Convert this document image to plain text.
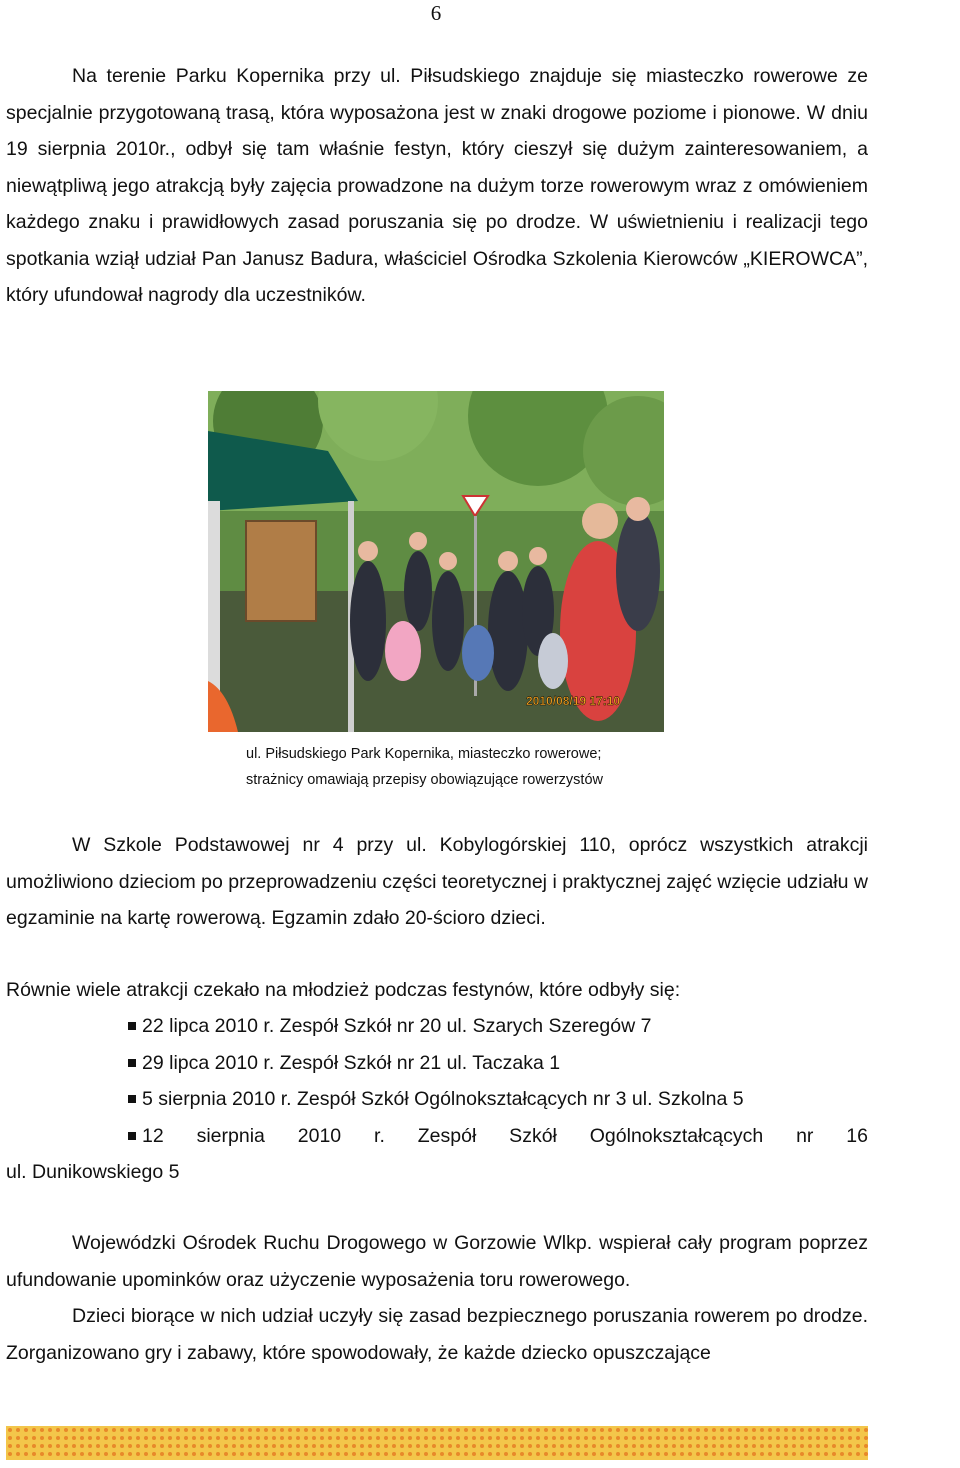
6
Na terenie Parku Kopernika przy ul. Piłsudskiego znajduje się miasteczko rowerowe ze specjalnie przygotowaną trasą, która wyposażona jest w znaki drogowe poziome i pionowe. W dniu 19 sierpnia 2010r., odbył się tam właśnie festyn, który cieszył się dużym zainteresowaniem, a niewątpliwą jego atrakcją były zajęcia prowadzone na dużym torze rowerowym wraz z omówieniem każdego znaku i prawidłowych zasad poruszania się po drodze. W uświetnieniu i realizacji tego spotkania wziął udział Pan Janusz Badura, właściciel Ośrodka Szkolenia Kierowców „KIEROWCA”, który ufundował nagrody dla uczestników.
2010/08/19 17:10
ul. Piłsudskiego Park Kopernika, miasteczko rowerowe;
strażnicy omawiają przepisy obowiązujące rowerzystów
W Szkole Podstawowej nr 4 przy ul. Kobylogórskiej 110, oprócz wszystkich atrakcji umożliwiono dzieciom po przeprowadzeniu części teoretycznej i praktycznej zajęć wzięcie udziału w egzaminie na kartę rowerową. Egzamin zdało 20-ścioro dzieci.
Równie wiele atrakcji czekało na młodzież podczas festynów, które odbyły się:
22 lipca 2010 r. Zespół Szkół nr 20 ul. Szarych Szeregów 7
29 lipca 2010 r. Zespół Szkół nr 21 ul. Taczaka 1
5 sierpnia 2010 r. Zespół Szkół Ogólnokształcących nr 3 ul. Szkolna 5
12 sierpnia 2010 r. Zespół Szkół Ogólnokształcących nr 16
ul. Dunikowskiego 5
Wojewódzki Ośrodek Ruchu Drogowego w Gorzowie Wlkp. wspierał cały program poprzez ufundowanie upominków oraz użyczenie wyposażenia toru rowerowego.
Dzieci biorące w nich udział uczyły się zasad bezpiecznego poruszania rowerem po drodze. Zorganizowano gry i zabawy, które spowodowały, że każde dziecko opuszczające
